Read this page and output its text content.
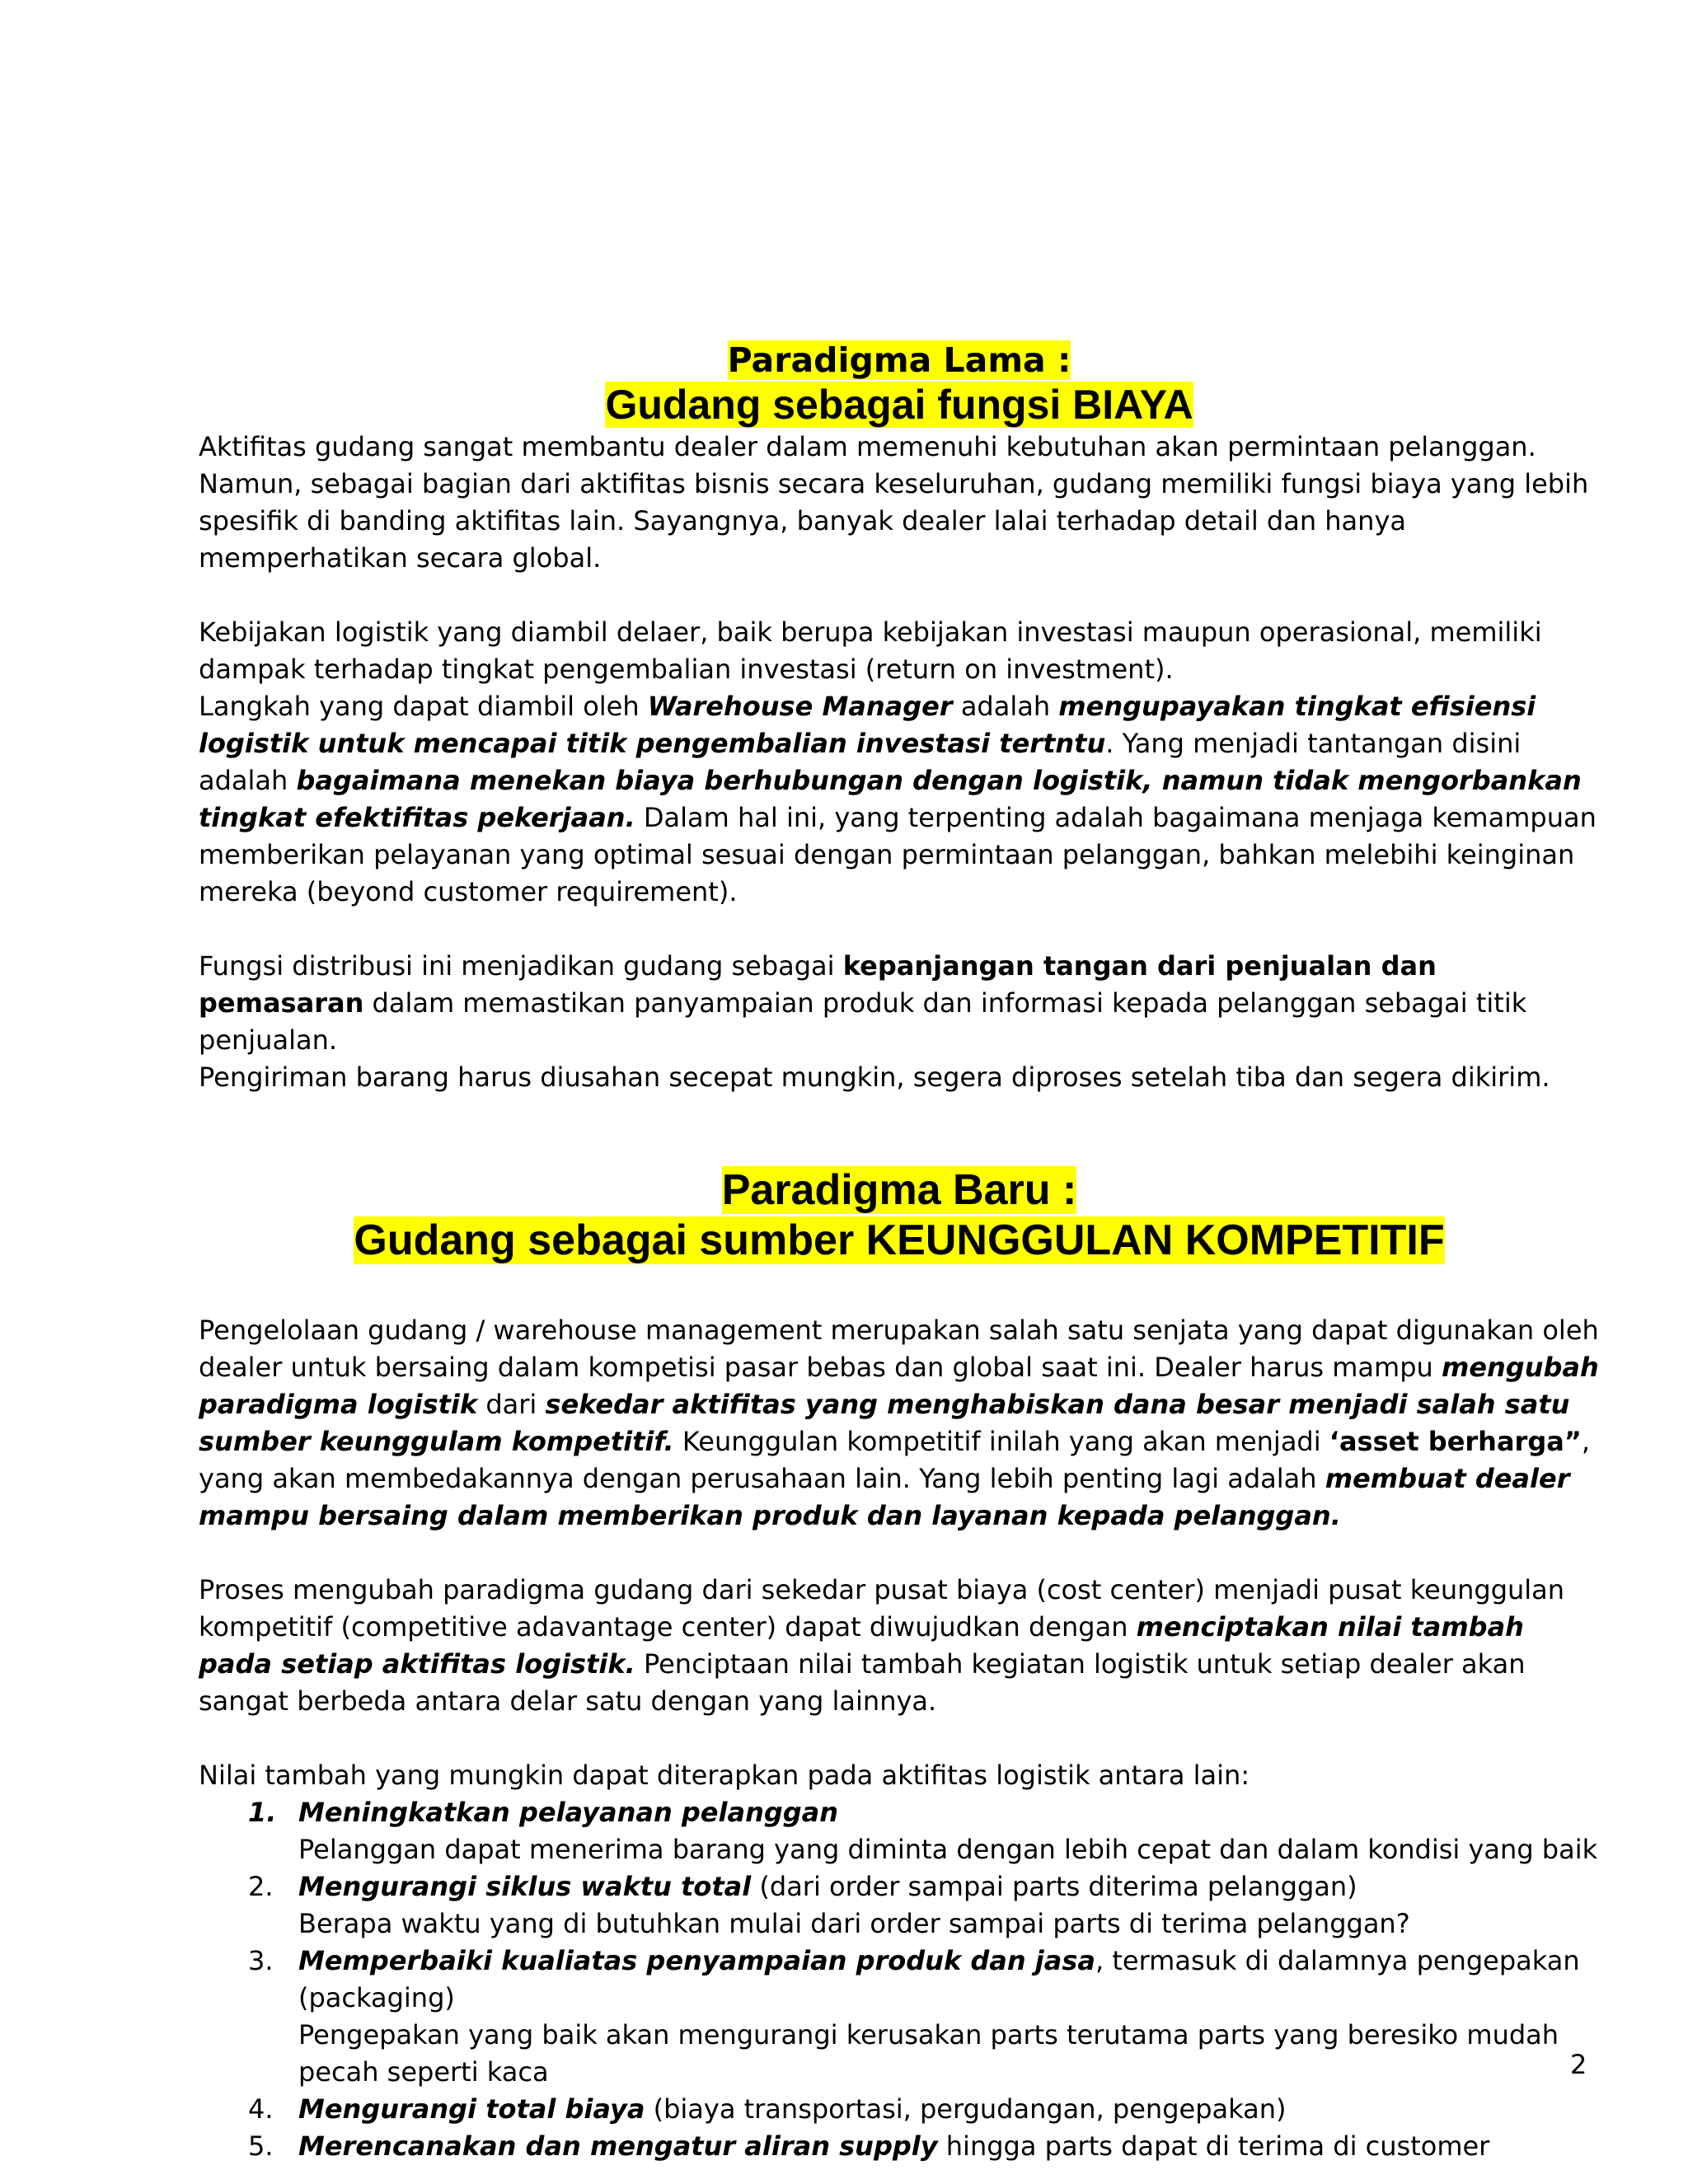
Paradigma Lama :
Gudang sebagai fungsi BIAYA

Aktifitas gudang sangat membantu dealer dalam memenuhi kebutuhan akan permintaan pelanggan. Namun, sebagai bagian dari aktifitas bisnis secara keseluruhan, gudang memiliki fungsi biaya yang lebih spesifik di banding aktifitas lain. Sayangnya, banyak dealer lalai terhadap detail dan hanya memperhatikan secara global.

Kebijakan logistik yang diambil delaer, baik berupa kebijakan investasi maupun operasional, memiliki dampak terhadap tingkat pengembalian investasi (return on investment).

Langkah yang dapat diambil oleh Warehouse Manager adalah mengupayakan tingkat efisiensi logistik untuk mencapai titik pengembalian investasi tertntu. Yang menjadi tantangan disini adalah bagaimana menekan biaya berhubungan dengan logistik, namun tidak mengorbankan tingkat efektifitas pekerjaan. Dalam hal ini, yang terpenting adalah bagaimana menjaga kemampuan memberikan pelayanan yang optimal sesuai dengan permintaan pelanggan, bahkan melebihi keinginan mereka (beyond customer requirement).

Fungsi distribusi ini menjadikan gudang sebagai kepanjangan tangan dari penjualan dan pemasaran dalam memastikan panyampaian produk dan informasi kepada pelanggan sebagai titik penjualan.

Pengiriman barang harus diusahan secepat mungkin, segera diproses setelah tiba dan segera dikirim.

Paradigma Baru :
Gudang sebagai sumber KEUNGGULAN KOMPETITIF

Pengelolaan gudang / warehouse management merupakan salah satu senjata yang dapat digunakan oleh dealer untuk bersaing dalam kompetisi pasar bebas dan global saat ini. Dealer harus mampu mengubah paradigma logistik dari sekedar aktifitas yang menghabiskan dana besar menjadi salah satu sumber keunggulam kompetitif. Keunggulan kompetitif inilah yang akan menjadi ‘asset berharga”, yang akan membedakannya dengan perusahaan lain. Yang lebih penting lagi adalah membuat dealer mampu bersaing dalam memberikan produk dan layanan kepada pelanggan.

Proses mengubah paradigma gudang dari sekedar pusat biaya (cost center) menjadi pusat keunggulan kompetitif (competitive adavantage center) dapat diwujudkan dengan menciptakan nilai tambah pada setiap aktifitas logistik. Penciptaan nilai tambah kegiatan logistik untuk setiap dealer akan sangat berbeda antara delar satu dengan yang lainnya.

Nilai tambah yang mungkin dapat diterapkan pada aktifitas logistik antara lain:

1. Meningkatkan pelayanan pelanggan
Pelanggan dapat menerima barang yang diminta dengan lebih cepat dan dalam kondisi yang baik
2. Mengurangi siklus waktu total (dari order sampai parts diterima pelanggan)
Berapa waktu yang di butuhkan mulai dari order sampai parts di terima pelanggan?
3. Memperbaiki kualiatas penyampaian produk dan jasa, termasuk di dalamnya pengepakan (packaging)
Pengepakan yang baik akan mengurangi kerusakan parts terutama parts yang beresiko mudah pecah seperti kaca
4. Mengurangi total biaya (biaya transportasi, pergudangan, pengepakan)
5. Merencanakan dan mengatur aliran supply hingga parts dapat di terima di customer
2
